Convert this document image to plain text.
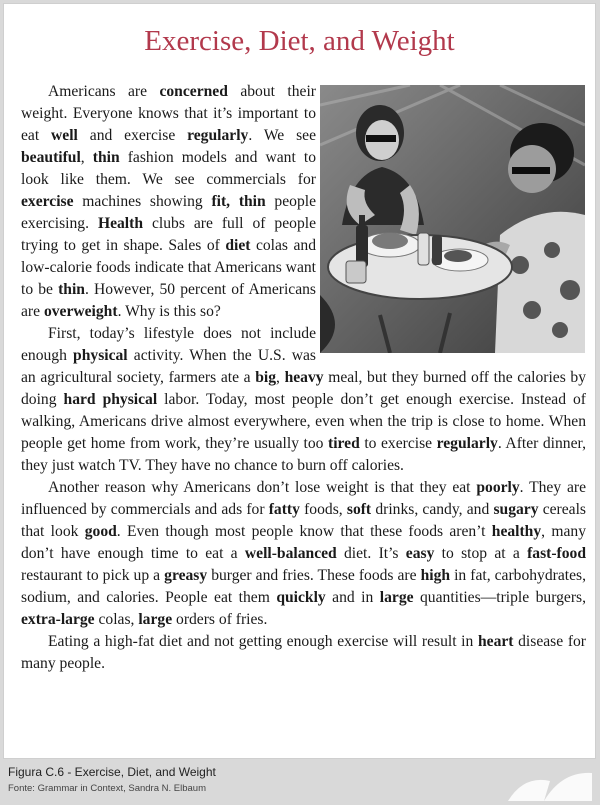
Exercise, Diet, and Weight

Americans are concerned about their weight. Everyone knows that it’s important to eat well and exercise regularly. We see beautiful, thin fashion models and want to look like them. We see commercials for exercise machines showing fit, thin people exercising. Health clubs are full of people trying to get in shape. Sales of diet colas and low-calorie foods indicate that Americans want to be thin. However, 50 percent of Americans are overweight. Why is this so?

First, today’s lifestyle does not include enough physical activity. When the U.S. was an agricultural society, farmers ate a big, heavy meal, but they burned off the calories by doing hard physical labor. Today, most people don’t get enough exercise. Instead of walking, Americans drive almost everywhere, even when the trip is close to home. When people get home from work, they’re usually too tired to exercise regularly. After dinner, they just watch TV. They have no chance to burn off calories.

Another reason why Americans don’t lose weight is that they eat poorly. They are influenced by commercials and ads for fatty foods, soft drinks, candy, and sugary cereals that look good. Even though most people know that these foods aren’t healthy, many don’t have enough time to eat a well-balanced diet. It’s easy to stop at a fast-food restaurant to pick up a greasy burger and fries. These foods are high in fat, carbohydrates, sodium, and calories. People eat them quickly and in large quantities—triple burgers, extra-large colas, large orders of fries.

Eating a high-fat diet and not getting enough exercise will result in heart disease for many people.

Figura C.6 - Exercise, Diet, and Weight
Fonte: Grammar in Context, Sandra N. Elbaum
